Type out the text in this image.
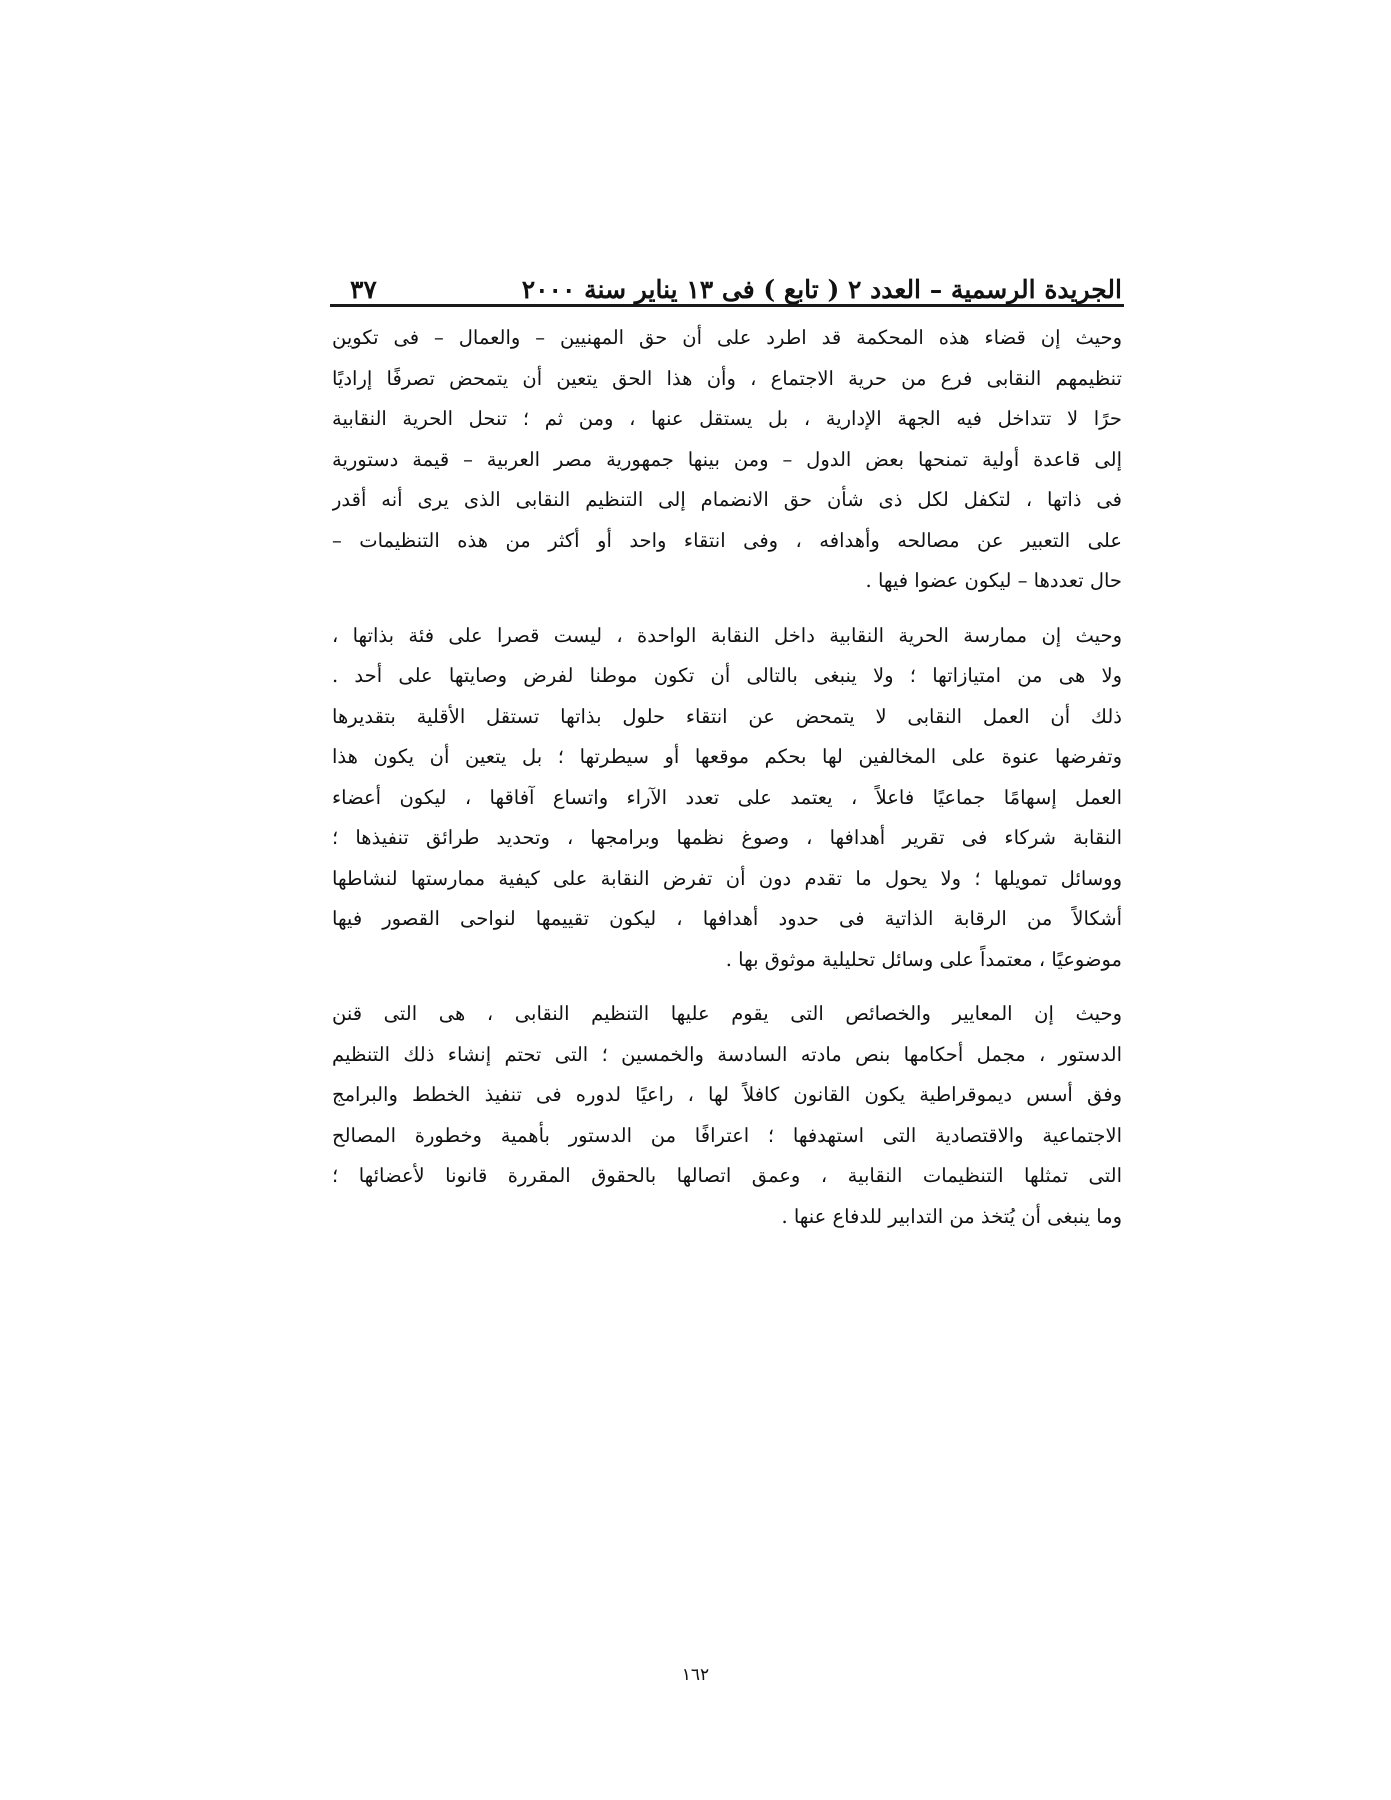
الجريدة الرسمية – العدد ٢ ( تابع ) فى ١٣ يناير سنة ٢٠٠٠
٣٧
وحيث إن قضاء هذه المحكمة قد اطرد على أن حق المهنيين – والعمال – فى تكوين
تنظيمهم النقابى فرع من حرية الاجتماع ، وأن هذا الحق يتعين أن يتمحض تصرفًا إراديًا
حرًا لا تتداخل فيه الجهة الإدارية ، بل يستقل عنها ، ومن ثم ؛ تنحل الحرية النقابية
إلى قاعدة أولية تمنحها بعض الدول – ومن بينها جمهورية مصر العربية – قيمة دستورية
فى ذاتها ، لتكفل لكل ذى شأن حق الانضمام إلى التنظيم النقابى الذى يرى أنه أقدر
على التعبير عن مصالحه وأهدافه ، وفى انتقاء واحد أو أكثر من هذه التنظيمات –
حال تعددها – ليكون عضوا فيها .
وحيث إن ممارسة الحرية النقابية داخل النقابة الواحدة ، ليست قصرا على فئة بذاتها ،
ولا هى من امتيازاتها ؛ ولا ينبغى بالتالى أن تكون موطنا لفرض وصايتها على أحد .
ذلك أن العمل النقابى لا يتمحض عن انتقاء حلول بذاتها تستقل الأقلية بتقديرها
وتفرضها عنوة على المخالفين لها بحكم موقعها أو سيطرتها ؛ بل يتعين أن يكون هذا
العمل إسهامًا جماعيًا فاعلاً ، يعتمد على تعدد الآراء واتساع آفاقها ، ليكون أعضاء
النقابة شركاء فى تقرير أهدافها ، وصوغ نظمها وبرامجها ، وتحديد طرائق تنفيذها ؛
ووسائل تمويلها ؛ ولا يحول ما تقدم دون أن تفرض النقابة على كيفية ممارستها لنشاطها
أشكالاً من الرقابة الذاتية فى حدود أهدافها ، ليكون تقييمها لنواحى القصور فيها
موضوعيًا ، معتمداً على وسائل تحليلية موثوق بها .
وحيث إن المعايير والخصائص التى يقوم عليها التنظيم النقابى ، هى التى قنن
الدستور ، مجمل أحكامها بنص مادته السادسة والخمسين ؛ التى تحتم إنشاء ذلك التنظيم
وفق أسس ديموقراطية يكون القانون كافلاً لها ، راعيًا لدوره فى تنفيذ الخطط والبرامج
الاجتماعية والاقتصادية التى استهدفها ؛ اعترافًا من الدستور بأهمية وخطورة المصالح
التى تمثلها التنظيمات النقابية ، وعمق اتصالها بالحقوق المقررة قانونا لأعضائها ؛
وما ينبغى أن يُتخذ من التدابير للدفاع عنها .
١٦٢
